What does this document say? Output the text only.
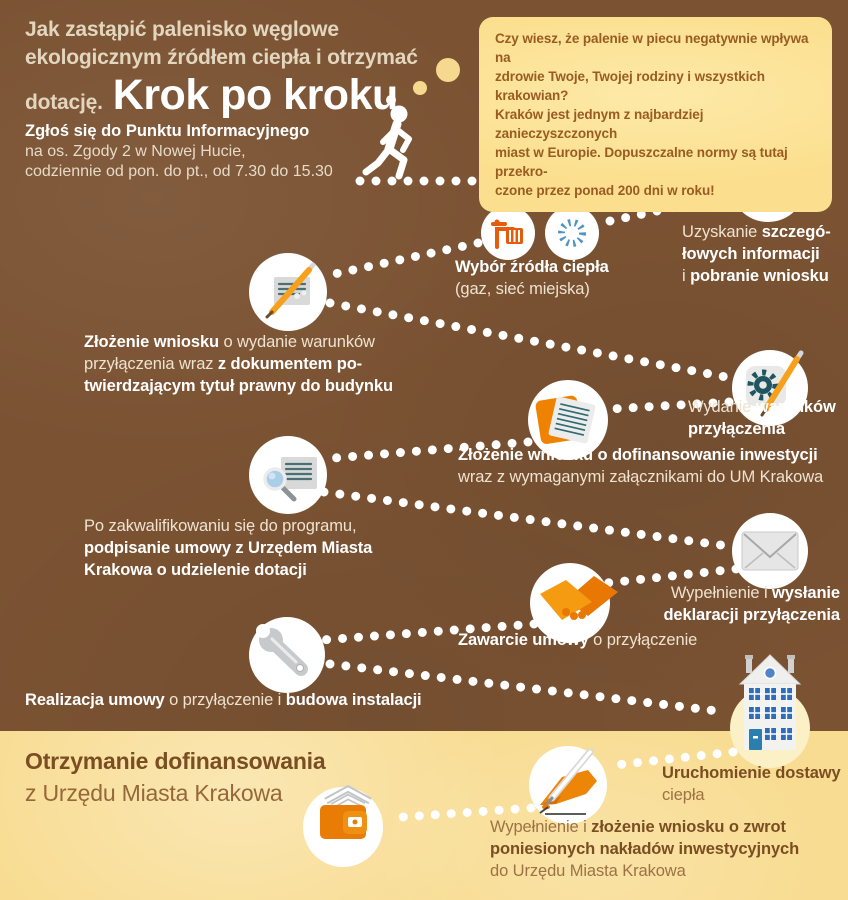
Jak zastąpić palenisko węglowe
ekologicznym źródłem ciepła i otrzymać
dotację. Krok po kroku
Zgłoś się do Punktu Informacyjnego
na os. Zgody 2 w Nowej Hucie,
codziennie od pon. do pt., od 7.30 do 15.30
Czy wiesz, że palenie w piecu negatywnie wpływa na
zdrowie Twoje, Twojej rodziny i wszystkich krakowian?
Kraków jest jednym z najbardziej zanieczyszczonych
miast w Europie. Dopuszczalne normy są tutaj przekro-
czone przez ponad 200 dni w roku!
Uzyskanie szczegó-
łowych informacji
i pobranie wniosku
Wybór źródła ciepła
(gaz, sieć miejska)
Złożenie wniosku o wydanie warunków
przyłączenia wraz z dokumentem po-
twierdzającym tytuł prawny do budynku
Wydanie warunków
przyłączenia
Złożenie wniosku o dofinansowanie inwestycji
wraz z wymaganymi załącznikami do UM Krakowa
Po zakwalifikowaniu się do programu,
podpisanie umowy z Urzędem Miasta
Krakowa o udzielenie dotacji
Wypełnienie i wysłanie
deklaracji przyłączenia
Zawarcie umowy o przyłączenie
Realizacja umowy o przyłączenie i budowa instalacji
Uruchomienie dostawy
ciepła
Wypełnienie i złożenie wniosku o zwrot
poniesionych nakładów inwestycyjnych
do Urzędu Miasta Krakowa
Otrzymanie dofinansowania
z Urzędu Miasta Krakowa
